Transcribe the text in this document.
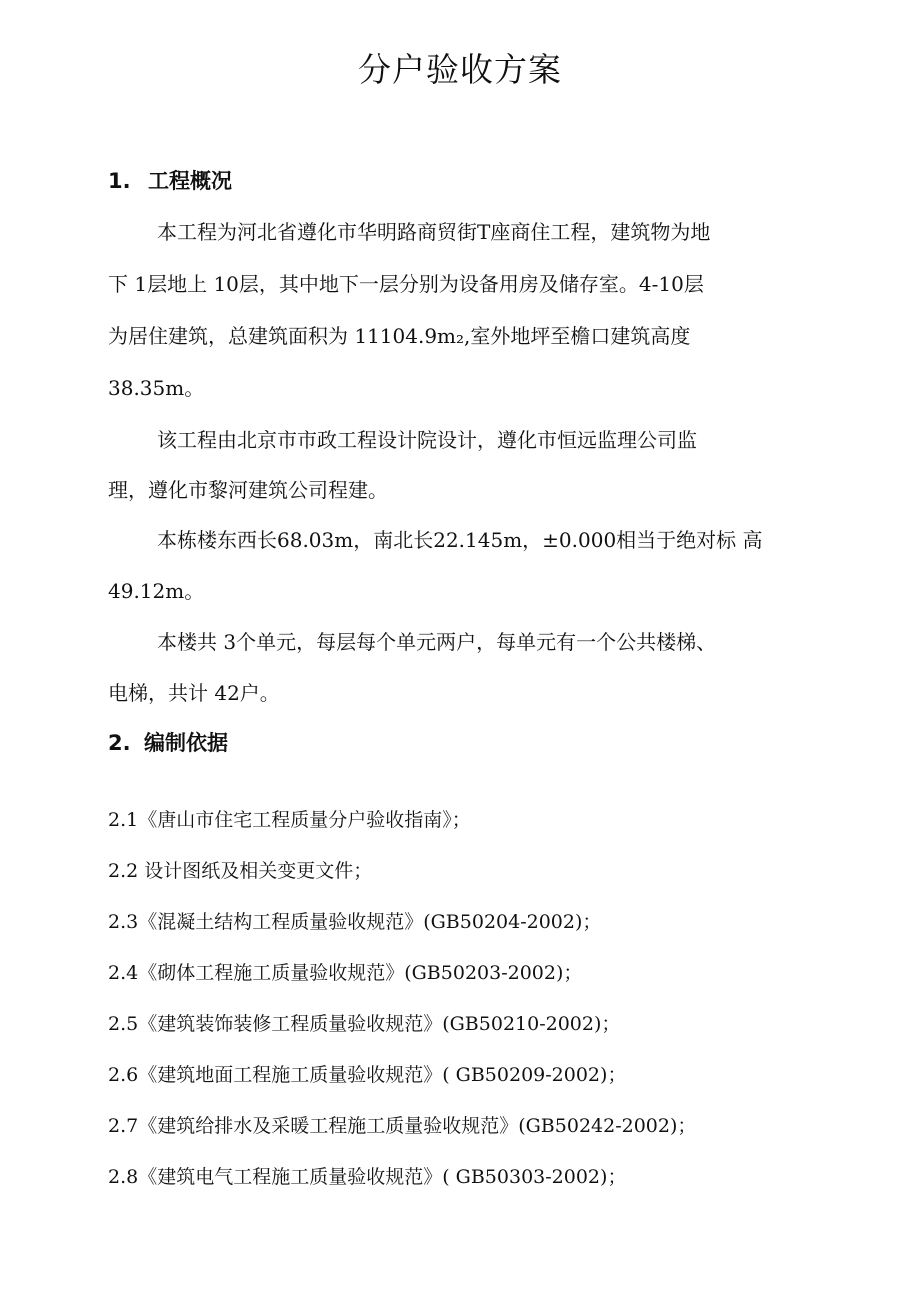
分户验收方案
1. 工程概况
本工程为河北省遵化市华明路商贸街T座商住工程，建筑物为地
下 1层地上 10层，其中地下一层分别为设备用房及储存室。4-10层
为居住建筑，总建筑面积为 11104.9m₂,室外地坪至檐口建筑高度
38.35m。
该工程由北京市市政工程设计院设计，遵化市恒远监理公司监
理，遵化市黎河建筑公司程建。
本栋楼东西长68.03m，南北长22.145m，±0.000相当于绝对标 高
49.12m。
本楼共 3个单元，每层每个单元两户，每单元有一个公共楼梯、
电梯，共计 42户。
2. 编制依据
2.1《唐山市住宅工程质量分户验收指南》；
2.2 设计图纸及相关变更文件；
2.3《混凝土结构工程质量验收规范》(GB50204-2002)；
2.4《砌体工程施工质量验收规范》(GB50203-2002)；
2.5《建筑装饰装修工程质量验收规范》(GB50210-2002)；
2.6《建筑地面工程施工质量验收规范》( GB50209-2002)；
2.7《建筑给排水及采暖工程施工质量验收规范》(GB50242-2002)；
2.8《建筑电气工程施工质量验收规范》( GB50303-2002)；
